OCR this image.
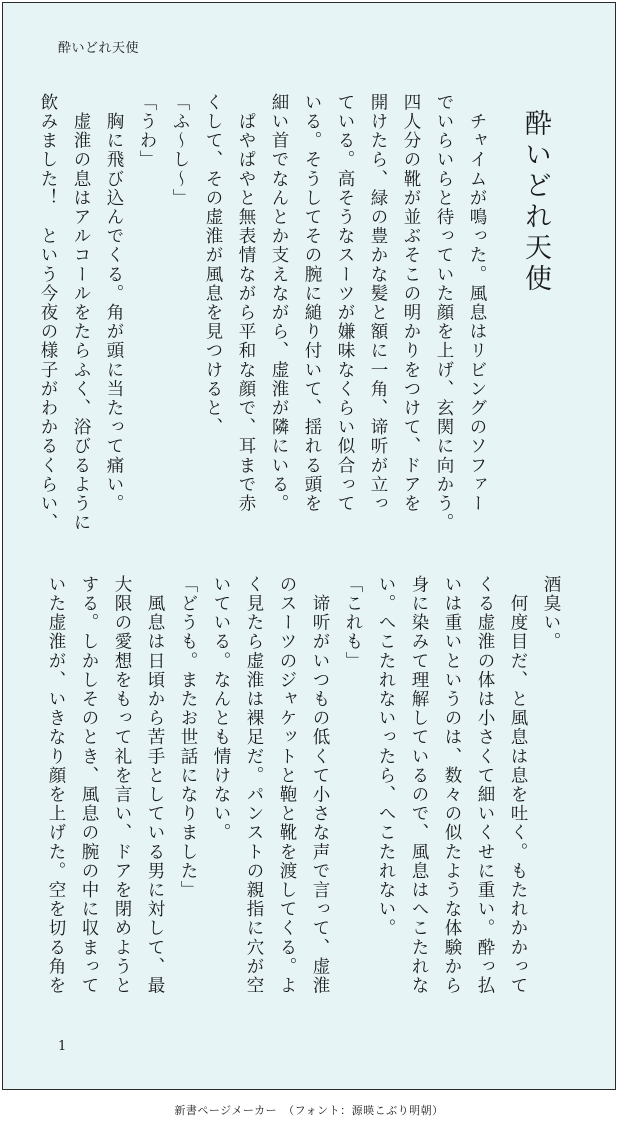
酔いどれ天使
酔いどれ天使
　チャイムが鳴った。風息はリビングのソファー
でいらいらと待っていた顔を上げ、玄関に向かう。
四人分の靴が並ぶそこの明かりをつけて、ドアを
開けたら、緑の豊かな髪と額に一角、谛听が立っ
ている。高そうなスーツが嫌味なくらい似合って
いる。そうしてその腕に縋り付いて、揺れる頭を
細い首でなんとか支えながら、虚淮が隣にいる。
　ぱやぱやと無表情ながら平和な顔で、耳まで赤
くして、その虚淮が風息を見つけると、
「ふ～し～」
「うわ」
　胸に飛び込んでくる。角が頭に当たって痛い。
　虚淮の息はアルコールをたらふく、浴びるように
飲みました！　という今夜の様子がわかるくらい、
酒臭い。
　何度目だ、と風息は息を吐く。もたれかかって
くる虚淮の体は小さくて細いくせに重い。酔っ払
いは重いというのは、数々の似たような体験から
身に染みて理解しているので、風息はへこたれな
い。へこたれないったら、へこたれない。
「これも」
　谛听がいつもの低くて小さな声で言って、虚淮
のスーツのジャケットと鞄と靴を渡してくる。よ
く見たら虚淮は裸足だ。パンストの親指に穴が空
いている。なんとも情けない。
「どうも。またお世話になりました」
　風息は日頃から苦手としている男に対して、最
大限の愛想をもって礼を言い、ドアを閉めようと
する。しかしそのとき、風息の腕の中に収まって
いた虚淮が、いきなり顔を上げた。空を切る角を
1
新書ページメーカー　（フォント：源暎こぶり明朝）
